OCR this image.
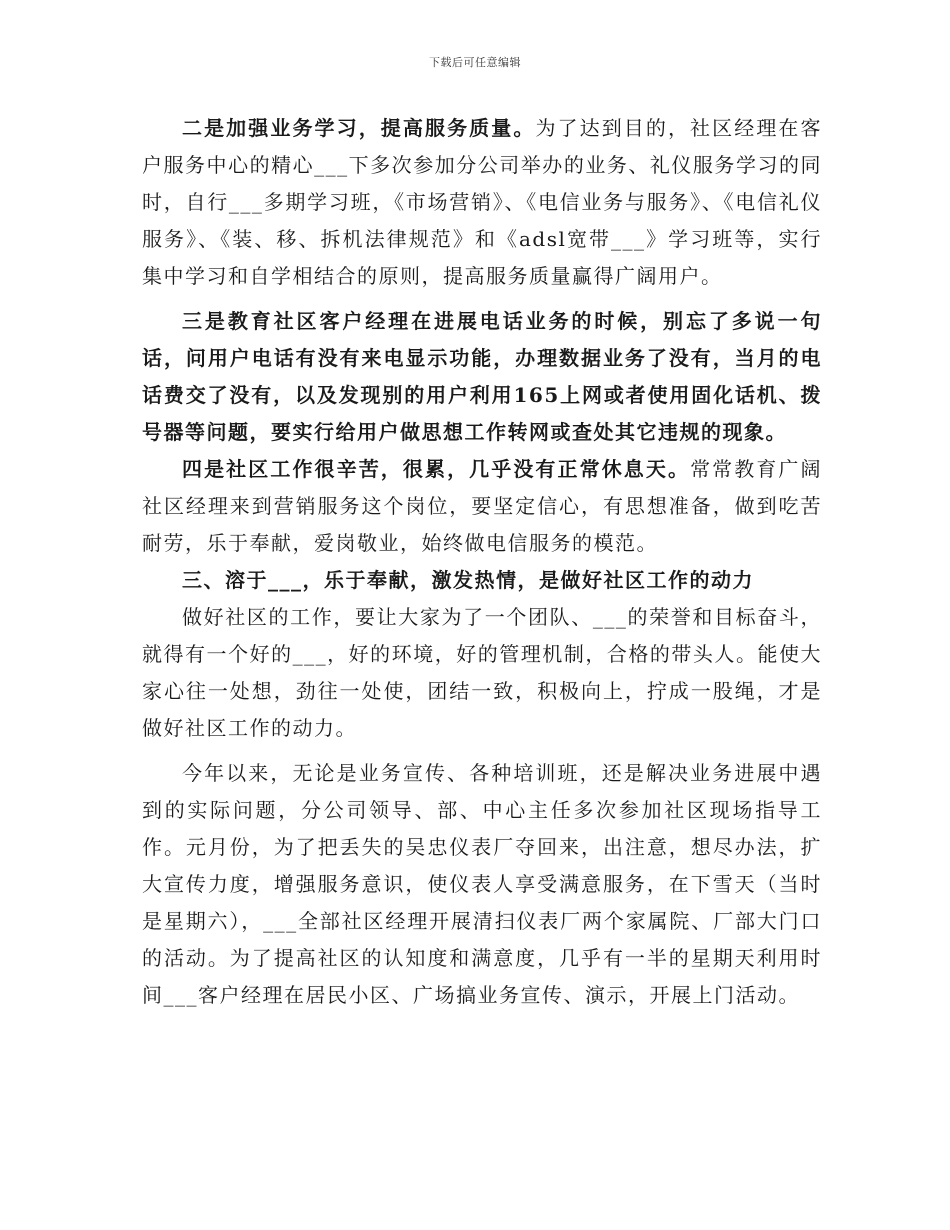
下载后可任意编辑

二是加强业务学习，提高服务质量。为了达到目的，社区经理在客户服务中心的精心___下多次参加分公司举办的业务、礼仪服务学习的同时，自行___多期学习班，《市场营销》、《电信业务与服务》、《电信礼仪服务》、《装、移、拆机法律规范》和《adsl宽带___》学习班等，实行集中学习和自学相结合的原则，提高服务质量赢得广阔用户。

三是教育社区客户经理在进展电话业务的时候，别忘了多说一句话，问用户电话有没有来电显示功能，办理数据业务了没有，当月的电话费交了没有，以及发现别的用户利用165上网或者使用固化话机、拨号器等问题，要实行给用户做思想工作转网或查处其它违规的现象。

四是社区工作很辛苦，很累，几乎没有正常休息天。常常教育广阔社区经理来到营销服务这个岗位，要坚定信心，有思想准备，做到吃苦耐劳，乐于奉献，爱岗敬业，始终做电信服务的模范。

三、溶于___，乐于奉献，激发热情，是做好社区工作的动力

做好社区的工作，要让大家为了一个团队、___的荣誉和目标奋斗，就得有一个好的___，好的环境，好的管理机制，合格的带头人。能使大家心往一处想，劲往一处使，团结一致，积极向上，拧成一股绳，才是做好社区工作的动力。

今年以来，无论是业务宣传、各种培训班，还是解决业务进展中遇到的实际问题，分公司领导、部、中心主任多次参加社区现场指导工作。元月份，为了把丢失的吴忠仪表厂夺回来，出注意，想尽办法，扩大宣传力度，增强服务意识，使仪表人享受满意服务，在下雪天（当时是星期六），___全部社区经理开展清扫仪表厂两个家属院、厂部大门口的活动。为了提高社区的认知度和满意度，几乎有一半的星期天利用时间___客户经理在居民小区、广场搞业务宣传、演示，开展上门活动。
